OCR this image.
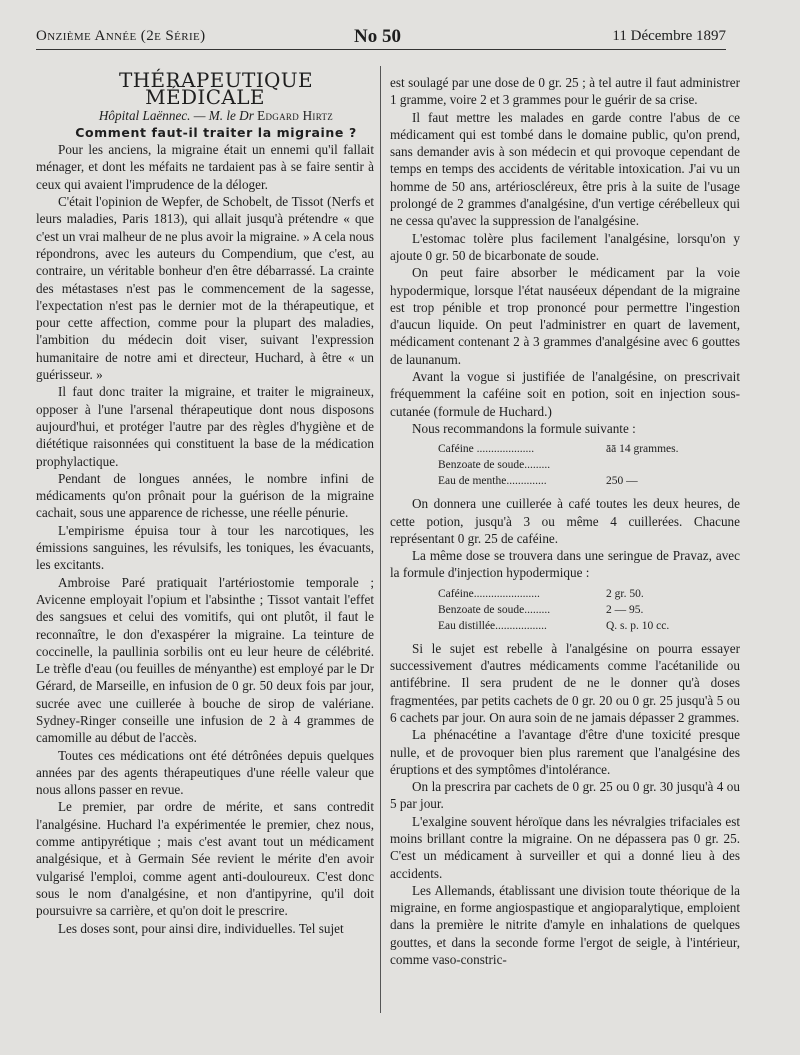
Onzième Année (2e Série)	No 50	11 Décembre 1897

THÉRAPEUTIQUE MÉDICALE

Hôpital Laënnec. — M. le Dr Edgard Hirtz

Comment faut-il traiter la migraine ?

Pour les anciens, la migraine était un ennemi qu'il fallait ménager, et dont les méfaits ne tardaient pas à se faire sentir à ceux qui avaient l'imprudence de la déloger.

C'était l'opinion de Wepfer, de Schobelt, de Tissot (Nerfs et leurs maladies, Paris 1813), qui allait jusqu'à prétendre « que c'est un vrai malheur de ne plus avoir la migraine. » A cela nous répondrons, avec les auteurs du Compendium, que c'est, au contraire, un véritable bonheur d'en être débarrassé. La crainte des métastases n'est pas le commencement de la sagesse, l'expectation n'est pas le dernier mot de la thérapeutique, et pour cette affection, comme pour la plupart des maladies, l'ambition du médecin doit viser, suivant l'expression humanitaire de notre ami et directeur, Huchard, à être « un guérisseur. »

Il faut donc traiter la migraine, et traiter le migraineux, opposer à l'une l'arsenal thérapeutique dont nous disposons aujourd'hui, et protéger l'autre par des règles d'hygiène et de diététique raisonnées qui constituent la base de la médication prophylactique.

Pendant de longues années, le nombre infini de médicaments qu'on prônait pour la guérison de la migraine cachait, sous une apparence de richesse, une réelle pénurie.

L'empirisme épuisa tour à tour les narcotiques, les émissions sanguines, les révulsifs, les toniques, les évacuants, les excitants.

Ambroise Paré pratiquait l'artériostomie temporale ; Avicenne employait l'opium et l'absinthe ; Tissot vantait l'effet des sangsues et celui des vomitifs, qui ont plutôt, il faut le reconnaître, le don d'exaspérer la migraine. La teinture de coccinelle, la paullinia sorbilis ont eu leur heure de célébrité. Le trèfle d'eau (ou feuilles de ményanthe) est employé par le Dr Gérard, de Marseille, en infusion de 0 gr. 50 deux fois par jour, sucrée avec une cuillerée à bouche de sirop de valériane. Sydney-Ringer conseille une infusion de 2 à 4 grammes de camomille au début de l'accès.

Toutes ces médications ont été détrônées depuis quelques années par des agents thérapeutiques d'une réelle valeur que nous allons passer en revue.

Le premier, par ordre de mérite, et sans contredit l'analgésine. Huchard l'a expérimentée le premier, chez nous, comme antipyrétique ; mais c'est avant tout un médicament analgésique, et à Germain Sée revient le mérite d'en avoir vulgarisé l'emploi, comme agent anti-douloureux. C'est donc sous le nom d'analgésine, et non d'antipyrine, qu'il doit poursuivre sa carrière, et qu'on doit le prescrire.

Les doses sont, pour ainsi dire, individuelles. Tel sujet

est soulagé par une dose de 0 gr. 25 ; à tel autre il faut administrer 1 gramme, voire 2 et 3 grammes pour le guérir de sa crise.

Il faut mettre les malades en garde contre l'abus de ce médicament qui est tombé dans le domaine public, qu'on prend, sans demander avis à son médecin et qui provoque cependant de temps en temps des accidents de véritable intoxication. J'ai vu un homme de 50 ans, artérioscléreux, être pris à la suite de l'usage prolongé de 2 grammes d'analgésine, d'un vertige cérébelleux qui ne cessa qu'avec la suppression de l'analgésine.

L'estomac tolère plus facilement l'analgésine, lorsqu'on y ajoute 0 gr. 50 de bicarbonate de soude.

On peut faire absorber le médicament par la voie hypodermique, lorsque l'état nauséeux dépendant de la migraine est trop pénible et trop prononcé pour permettre l'ingestion d'aucun liquide. On peut l'administrer en quart de lavement, médicament contenant 2 à 3 grammes d'analgésine avec 6 gouttes de launanum.

Avant la vogue si justifiée de l'analgésine, on prescrivait fréquemment la caféine soit en potion, soit en injection sous-cutanée (formule de Huchard.)

Nous recommandons la formule suivante :

Caféine ....................	āā 14 grammes.
Benzoate de soude.........
Eau de menthe..............	250 —

On donnera une cuillerée à café toutes les deux heures, de cette potion, jusqu'à 3 ou même 4 cuillerées. Chacune représentant 0 gr. 25 de caféine.

La même dose se trouvera dans une seringue de Pravaz, avec la formule d'injection hypodermique :

Caféine.......................	2 gr. 50.
Benzoate de soude.........	2 — 95.
Eau distillée..................	Q. s. p. 10 cc.

Si le sujet est rebelle à l'analgésine on pourra essayer successivement d'autres médicaments comme l'acétanilide ou antifébrine. Il sera prudent de ne le donner qu'à doses fragmentées, par petits cachets de 0 gr. 20 ou 0 gr. 25 jusqu'à 5 ou 6 cachets par jour. On aura soin de ne jamais dépasser 2 grammes.

La phénacétine a l'avantage d'être d'une toxicité presque nulle, et de provoquer bien plus rarement que l'analgésine des éruptions et des symptômes d'intolérance.

On la prescrira par cachets de 0 gr. 25 ou 0 gr. 30 jusqu'à 4 ou 5 par jour.

L'exalgine souvent héroïque dans les névralgies trifaciales est moins brillant contre la migraine. On ne dépassera pas 0 gr. 25. C'est un médicament à surveiller et qui a donné lieu à des accidents.

Les Allemands, établissant une division toute théorique de la migraine, en forme angiospastique et angioparalytique, emploient dans la première le nitrite d'amyle en inhalations de quelques gouttes, et dans la seconde forme l'ergot de seigle, à l'intérieur, comme vaso-constric-
